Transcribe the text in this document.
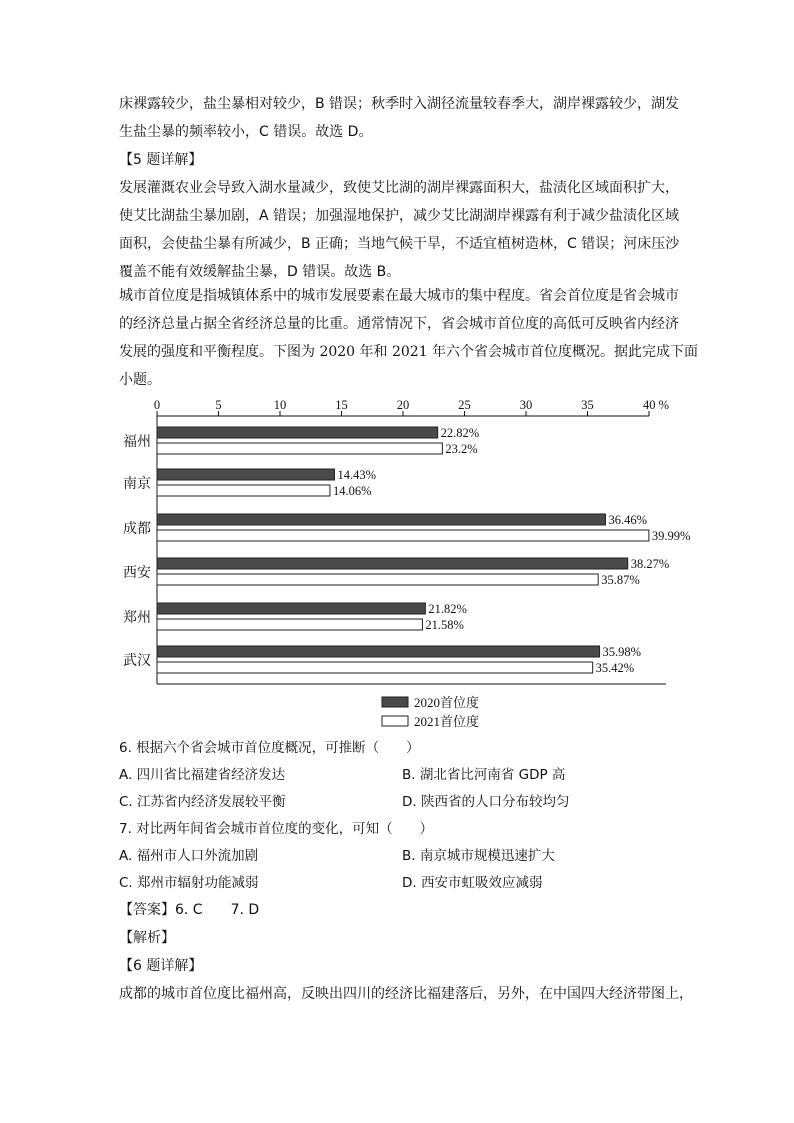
床裸露较少，盐尘暴相对较少，B 错误；秋季时入湖径流量较春季大，湖岸裸露较少，湖发
生盐尘暴的频率较小，C 错误。故选 D。
【5 题详解】
发展灌溉农业会导致入湖水量减少，致使艾比湖的湖岸裸露面积大，盐渍化区域面积扩大，
使艾比湖盐尘暴加剧，A 错误；加强湿地保护，减少艾比湖湖岸裸露有利于减少盐渍化区域
面积，会使盐尘暴有所减少，B 正确；当地气候干旱，不适宜植树造林，C 错误；河床压沙
覆盖不能有效缓解盐尘暴，D 错误。故选 B。
城市首位度是指城镇体系中的城市发展要素在最大城市的集中程度。省会首位度是省会城市
的经济总量占据全省经济总量的比重。通常情况下，省会城市首位度的高低可反映省内经济
发展的强度和平衡程度。下图为 2020 年和 2021 年六个省会城市首位度概况。据此完成下面
小题。
0	5	10	15	20	25	30	35	40 %
福州
22.82%
23.2%
南京
14.43%
14.06%
成都
36.46%
39.99%
西安
38.27%
35.87%
郑州
21.82%
21.58%
武汉
35.98%
35.42%
2020首位度
2021首位度
6. 根据六个省会城市首位度概况，可推断（　　）
A. 四川省比福建省经济发达	B. 湖北省比河南省 GDP 高
C. 江苏省内经济发展较平衡	D. 陕西省的人口分布较均匀
7. 对比两年间省会城市首位度的变化，可知（　　）
A. 福州市人口外流加剧	B. 南京城市规模迅速扩大
C. 郑州市辐射功能减弱	D. 西安市虹吸效应减弱
【答案】6. C　　7. D
【解析】
【6 题详解】
成都的城市首位度比福州高，反映出四川的经济比福建落后，另外，在中国四大经济带图上，
